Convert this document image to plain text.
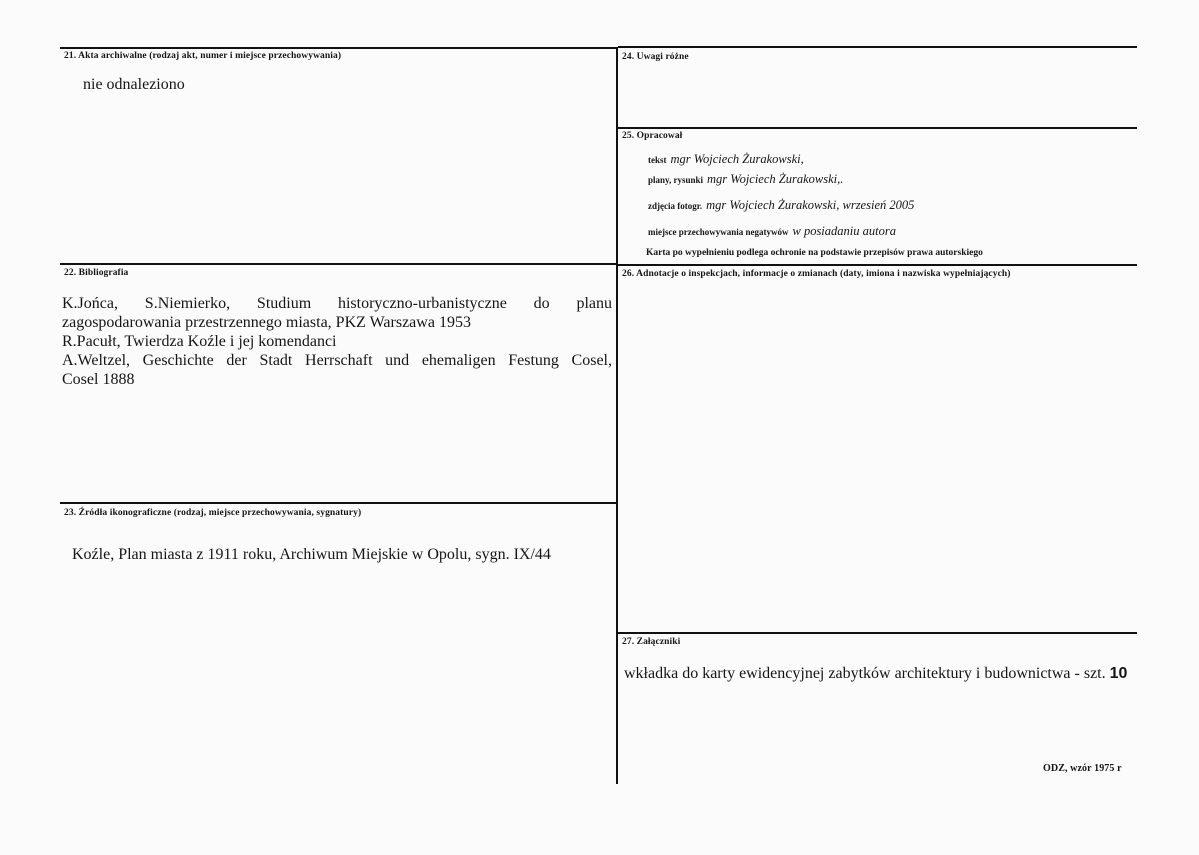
21. Akta archiwalne (rodzaj akt, numer i miejsce przechowywania)
nie odnaleziono
24. Uwagi różne
25. Opracował
tekst mgr Wojciech Żurakowski,
plany, rysunki mgr Wojciech Żurakowski,.
zdjęcia fotogr. mgr Wojciech Żurakowski, wrzesień 2005
miejsce przechowywania negatywów w posiadaniu autora
Karta po wypełnieniu podlega ochronie na podstawie przepisów prawa autorskiego
22. Bibliografia
K.Jońca, S.Niemierko, Studium historyczno-urbanistyczne do planu
zagospodarowania przestrzennego miasta, PKZ Warszawa 1953
R.Pacułt, Twierdza Koźle i jej komendanci
A.Weltzel, Geschichte der Stadt Herrschaft und ehemaligen Festung Cosel,
Cosel 1888
26. Adnotacje o inspekcjach, informacje o zmianach (daty, imiona i nazwiska wypełniających)
23. Źródła ikonograficzne (rodzaj, miejsce przechowywania, sygnatury)
Koźle, Plan miasta z 1911 roku, Archiwum Miejskie w Opolu, sygn. IX/44
27. Załączniki
wkładka do karty ewidencyjnej zabytków architektury i budownictwa - szt. 10
ODZ, wzór 1975 r
